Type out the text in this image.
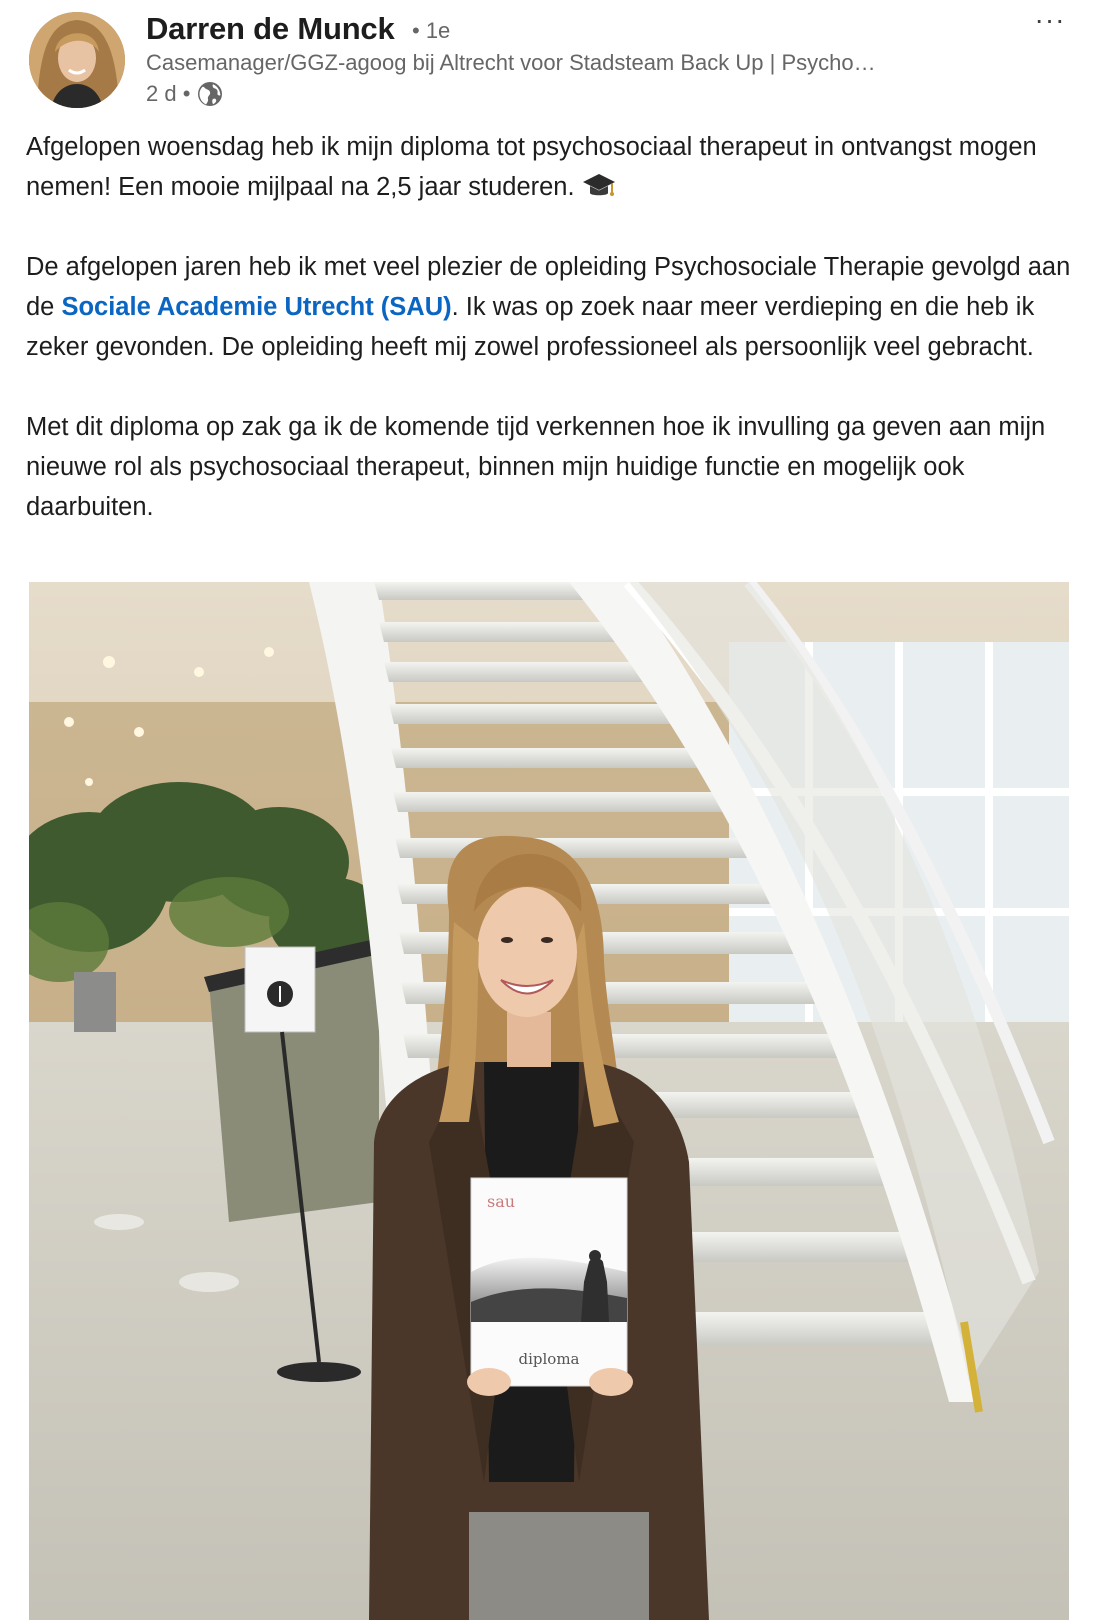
Darren de Munck • 1e
Casemanager/GGZ-agoog bij Altrecht voor Stadsteam Back Up | Psycho…
2 d •
···

Afgelopen woensdag heb ik mijn diploma tot psychosociaal therapeut in ontvangst mogen nemen! Een mooie mijlpaal na 2,5 jaar studeren.

De afgelopen jaren heb ik met veel plezier de opleiding Psychosociale Therapie gevolgd aan de Sociale Academie Utrecht (SAU). Ik was op zoek naar meer verdieping en die heb ik zeker gevonden. De opleiding heeft mij zowel professioneel als persoonlijk veel gebracht.

Met dit diploma op zak ga ik de komende tijd verkennen hoe ik invulling ga geven aan mijn nieuwe rol als psychosociaal therapeut, binnen mijn huidige functie en mogelijk ook daarbuiten.

sau
diploma
